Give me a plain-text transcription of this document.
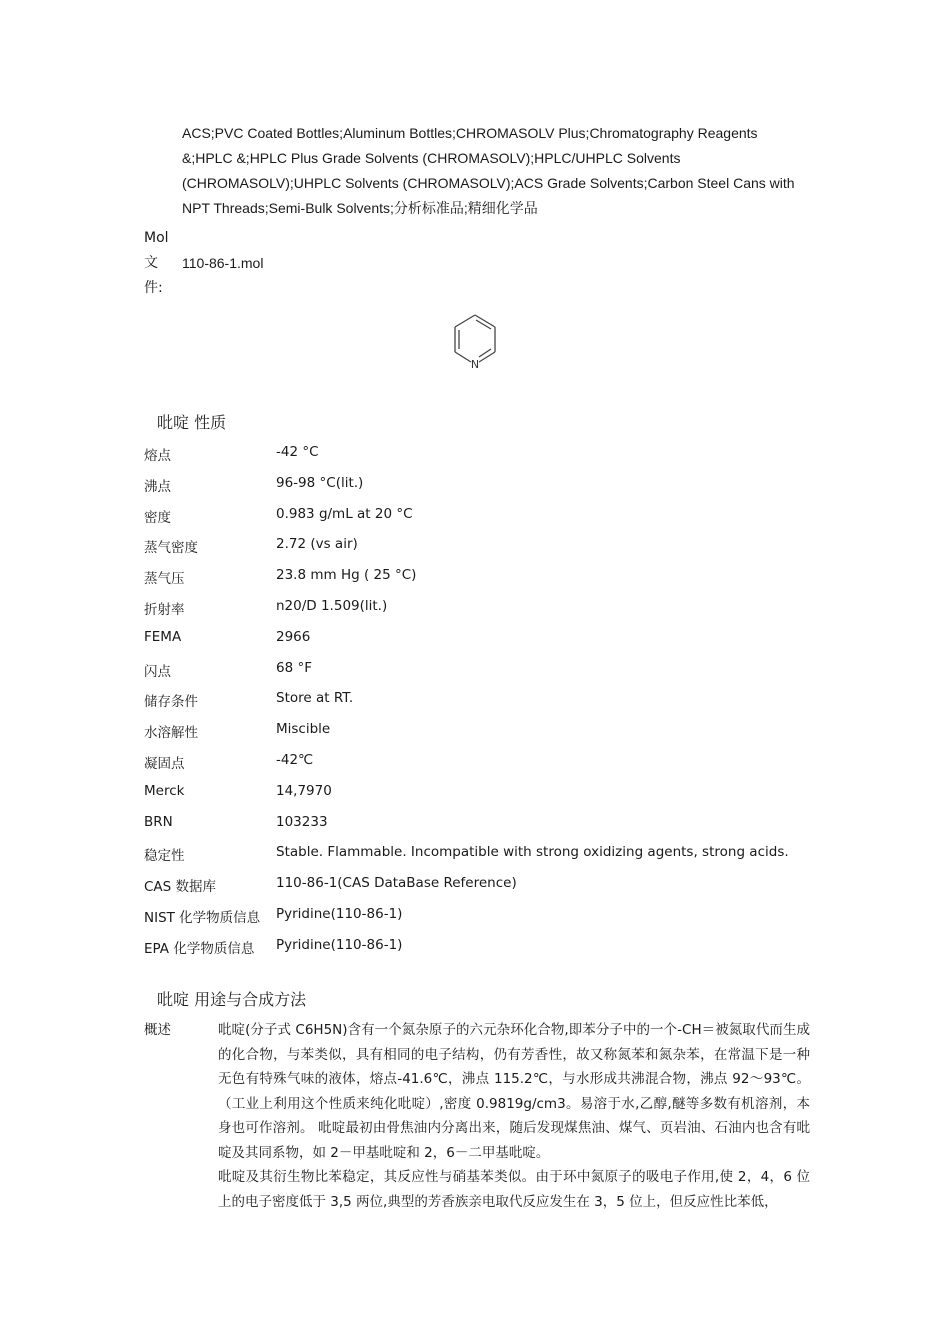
ACS;PVC Coated Bottles;Aluminum Bottles;CHROMASOLV Plus;Chromatography Reagents &;HPLC &;HPLC Plus Grade Solvents (CHROMASOLV);HPLC/UHPLC Solvents (CHROMASOLV);UHPLC Solvents (CHROMASOLV);ACS Grade Solvents;Carbon Steel Cans with NPT Threads;Semi-Bulk Solvents;分析标准品;精细化学品
Mol文件:
110-86-1.mol
N
吡啶 性质
熔点	-42 °C
沸点	96-98 °C(lit.)
密度	0.983 g/mL at 20 °C
蒸气密度	2.72 (vs air)
蒸气压	23.8 mm Hg ( 25 °C)
折射率	n20/D 1.509(lit.)
FEMA	2966
闪点	68 °F
储存条件	Store at RT.
水溶解性	Miscible
凝固点	-42℃
Merck	14,7970
BRN	103233
稳定性	Stable. Flammable. Incompatible with strong oxidizing agents, strong acids.
CAS 数据库	110-86-1(CAS DataBase Reference)
NIST 化学物质信息 Pyridine(110-86-1)
EPA 化学物质信息 Pyridine(110-86-1)
吡啶 用途与合成方法
概述	吡啶(分子式 C6H5N)含有一个氮杂原子的六元杂环化合物,即苯分子中的一个-CH＝被氮取代而生成的化合物，与苯类似，具有相同的电子结构，仍有芳香性，故又称氮苯和氮杂苯，在常温下是一种无色有特殊气味的液体，熔点-41.6℃，沸点 115.2℃，与水形成共沸混合物，沸点 92～93℃。（工业上利用这个性质来纯化吡啶）,密度 0.9819g/cm3。易溶于水,乙醇,醚等多数有机溶剂，本身也可作溶剂。 吡啶最初由骨焦油内分离出来，随后发现煤焦油、煤气、页岩油、石油内也含有吡啶及其同系物，如 2－甲基吡啶和 2，6－二甲基吡啶。

吡啶及其衍生物比苯稳定，其反应性与硝基苯类似。由于环中氮原子的吸电子作用,使 2，4，6 位上的电子密度低于 3,5 两位,典型的芳香族亲电取代反应发生在 3，5 位上，但反应性比苯低，
